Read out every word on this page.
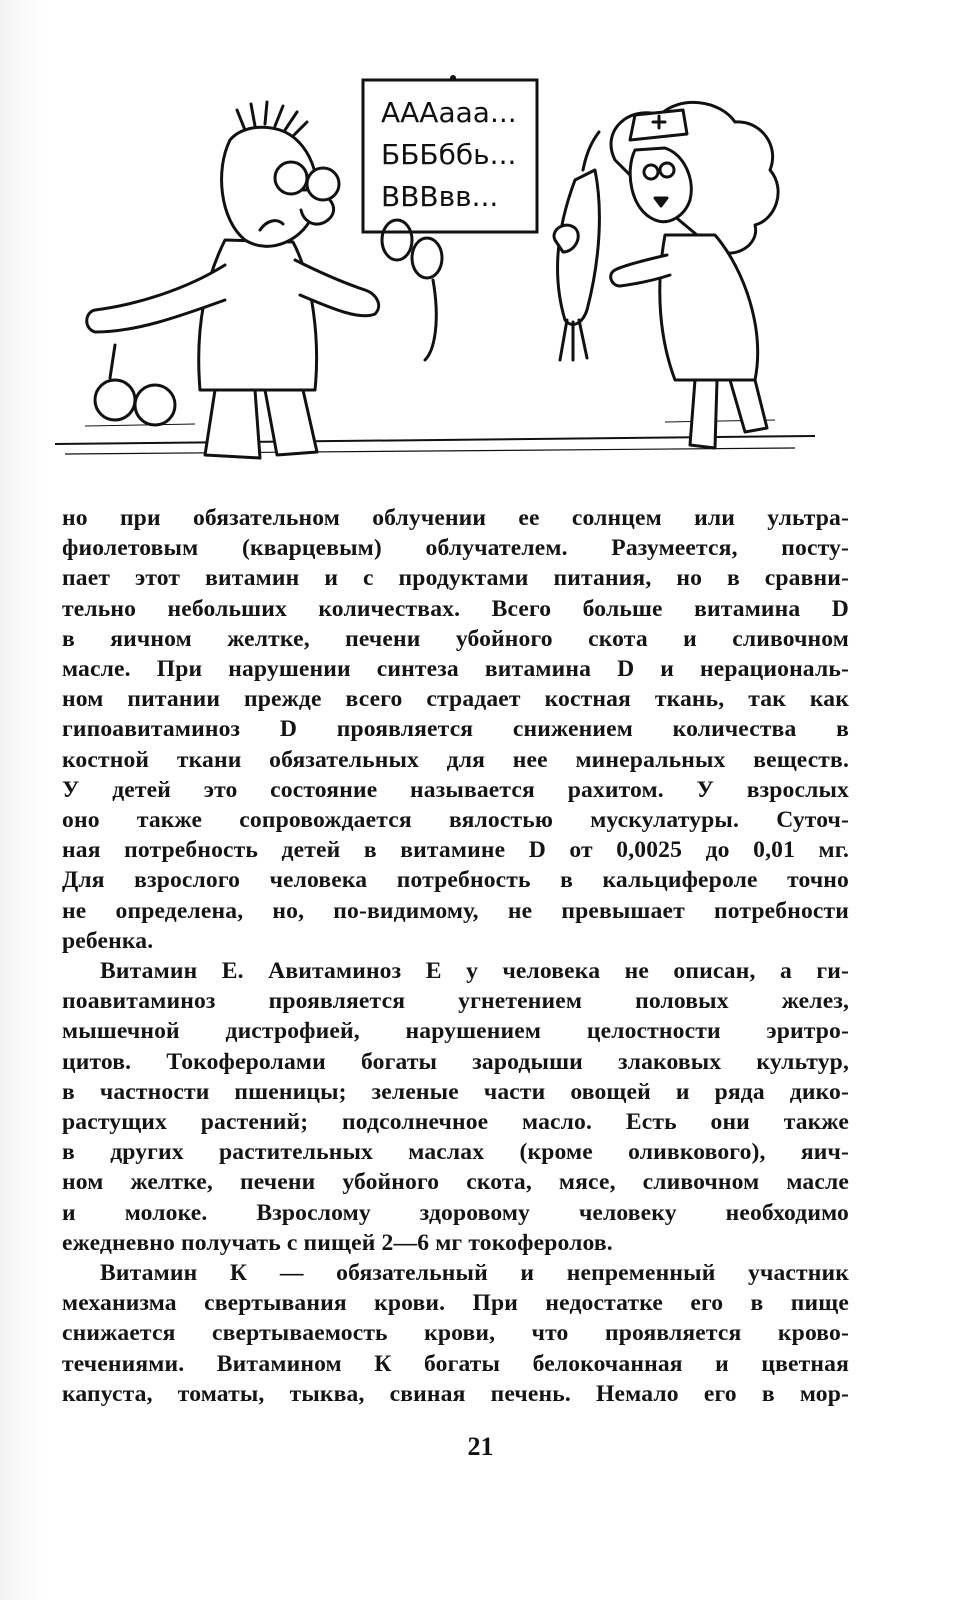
АААааа...
БББббь...
ВВВвв...

но при обязательном облучении ее солнцем или ультра-
фиолетовым (кварцевым) облучателем. Разумеется, посту-
пает этот витамин и с продуктами питания, но в сравни-
тельно небольших количествах. Всего больше витамина D
в яичном желтке, печени убойного скота и сливочном
масле. При нарушении синтеза витамина D и нерациональ-
ном питании прежде всего страдает костная ткань, так как
гипоавитаминоз D проявляется снижением количества в
костной ткани обязательных для нее минеральных веществ.
У детей это состояние называется рахитом. У взрослых
оно также сопровождается вялостью мускулатуры. Суточ-
ная потребность детей в витамине D от 0,0025 до 0,01 мг.
Для взрослого человека потребность в кальцифероле точно
не определена, но, по-видимому, не превышает потребности
ребенка.

Витамин Е. Авитаминоз Е у человека не описан, а ги-
поавитаминоз проявляется угнетением половых желез,
мышечной дистрофией, нарушением целостности эритро-
цитов. Токоферолами богаты зародыши злаковых культур,
в частности пшеницы; зеленые части овощей и ряда дико-
растущих растений; подсолнечное масло. Есть они также
в других растительных маслах (кроме оливкового), яич-
ном желтке, печени убойного скота, мясе, сливочном масле
и молоке. Взрослому здоровому человеку необходимо
ежедневно получать с пищей 2—6 мг токоферолов.

Витамин К — обязательный и непременный участник
механизма свертывания крови. При недостатке его в пище
снижается свертываемость крови, что проявляется крово-
течениями. Витамином К богаты белокочанная и цветная
капуста, томаты, тыква, свиная печень. Немало его в мор-

21
